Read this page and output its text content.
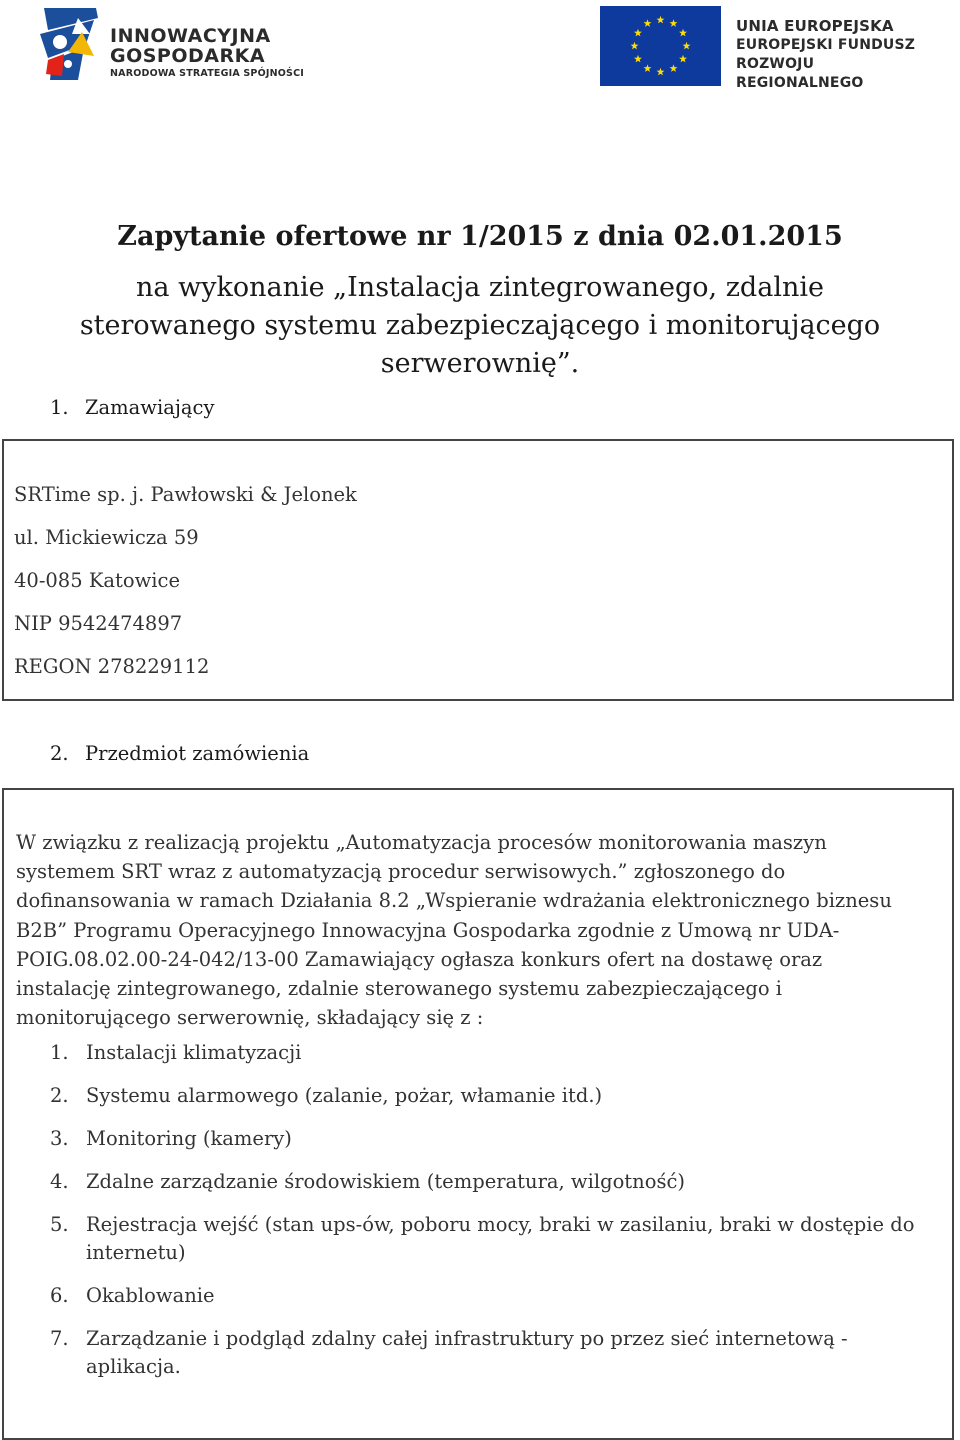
INNOWACYJNA
GOSPODARKA
NARODOWA STRATEGIA SPÓJNOŚCI
UNIA EUROPEJSKA
EUROPEJSKI FUNDUSZ
ROZWOJU REGIONALNEGO
Zapytanie ofertowe nr 1/2015 z dnia 02.01.2015
na wykonanie „Instalacja zintegrowanego, zdalnie
sterowanego systemu zabezpieczającego i monitorującego
serwerownię”.
1. Zamawiający
SRTime sp. j. Pawłowski & Jelonek
ul. Mickiewicza 59
40-085 Katowice
NIP 9542474897
REGON 278229112
2. Przedmiot zamówienia
W związku z realizacją projektu „Automatyzacja procesów monitorowania maszyn
systemem SRT wraz z automatyzacją procedur serwisowych.” zgłoszonego do
dofinansowania w ramach Działania 8.2 „Wspieranie wdrażania elektronicznego biznesu
B2B” Programu Operacyjnego Innowacyjna Gospodarka zgodnie z Umową nr UDA-
POIG.08.02.00-24-042/13-00 Zamawiający ogłasza konkurs ofert na dostawę oraz
instalację zintegrowanego, zdalnie sterowanego systemu zabezpieczającego i
monitorującego serwerownię, składający się z :
1. Instalacji klimatyzacji
2. Systemu alarmowego (zalanie, pożar, włamanie itd.)
3. Monitoring (kamery)
4. Zdalne zarządzanie środowiskiem (temperatura, wilgotność)
5. Rejestracja wejść (stan ups-ów, poboru mocy, braki w zasilaniu, braki w dostępie do
internetu)
6. Okablowanie
7. Zarządzanie i podgląd zdalny całej infrastruktury po przez sieć internetową -
aplikacja.
